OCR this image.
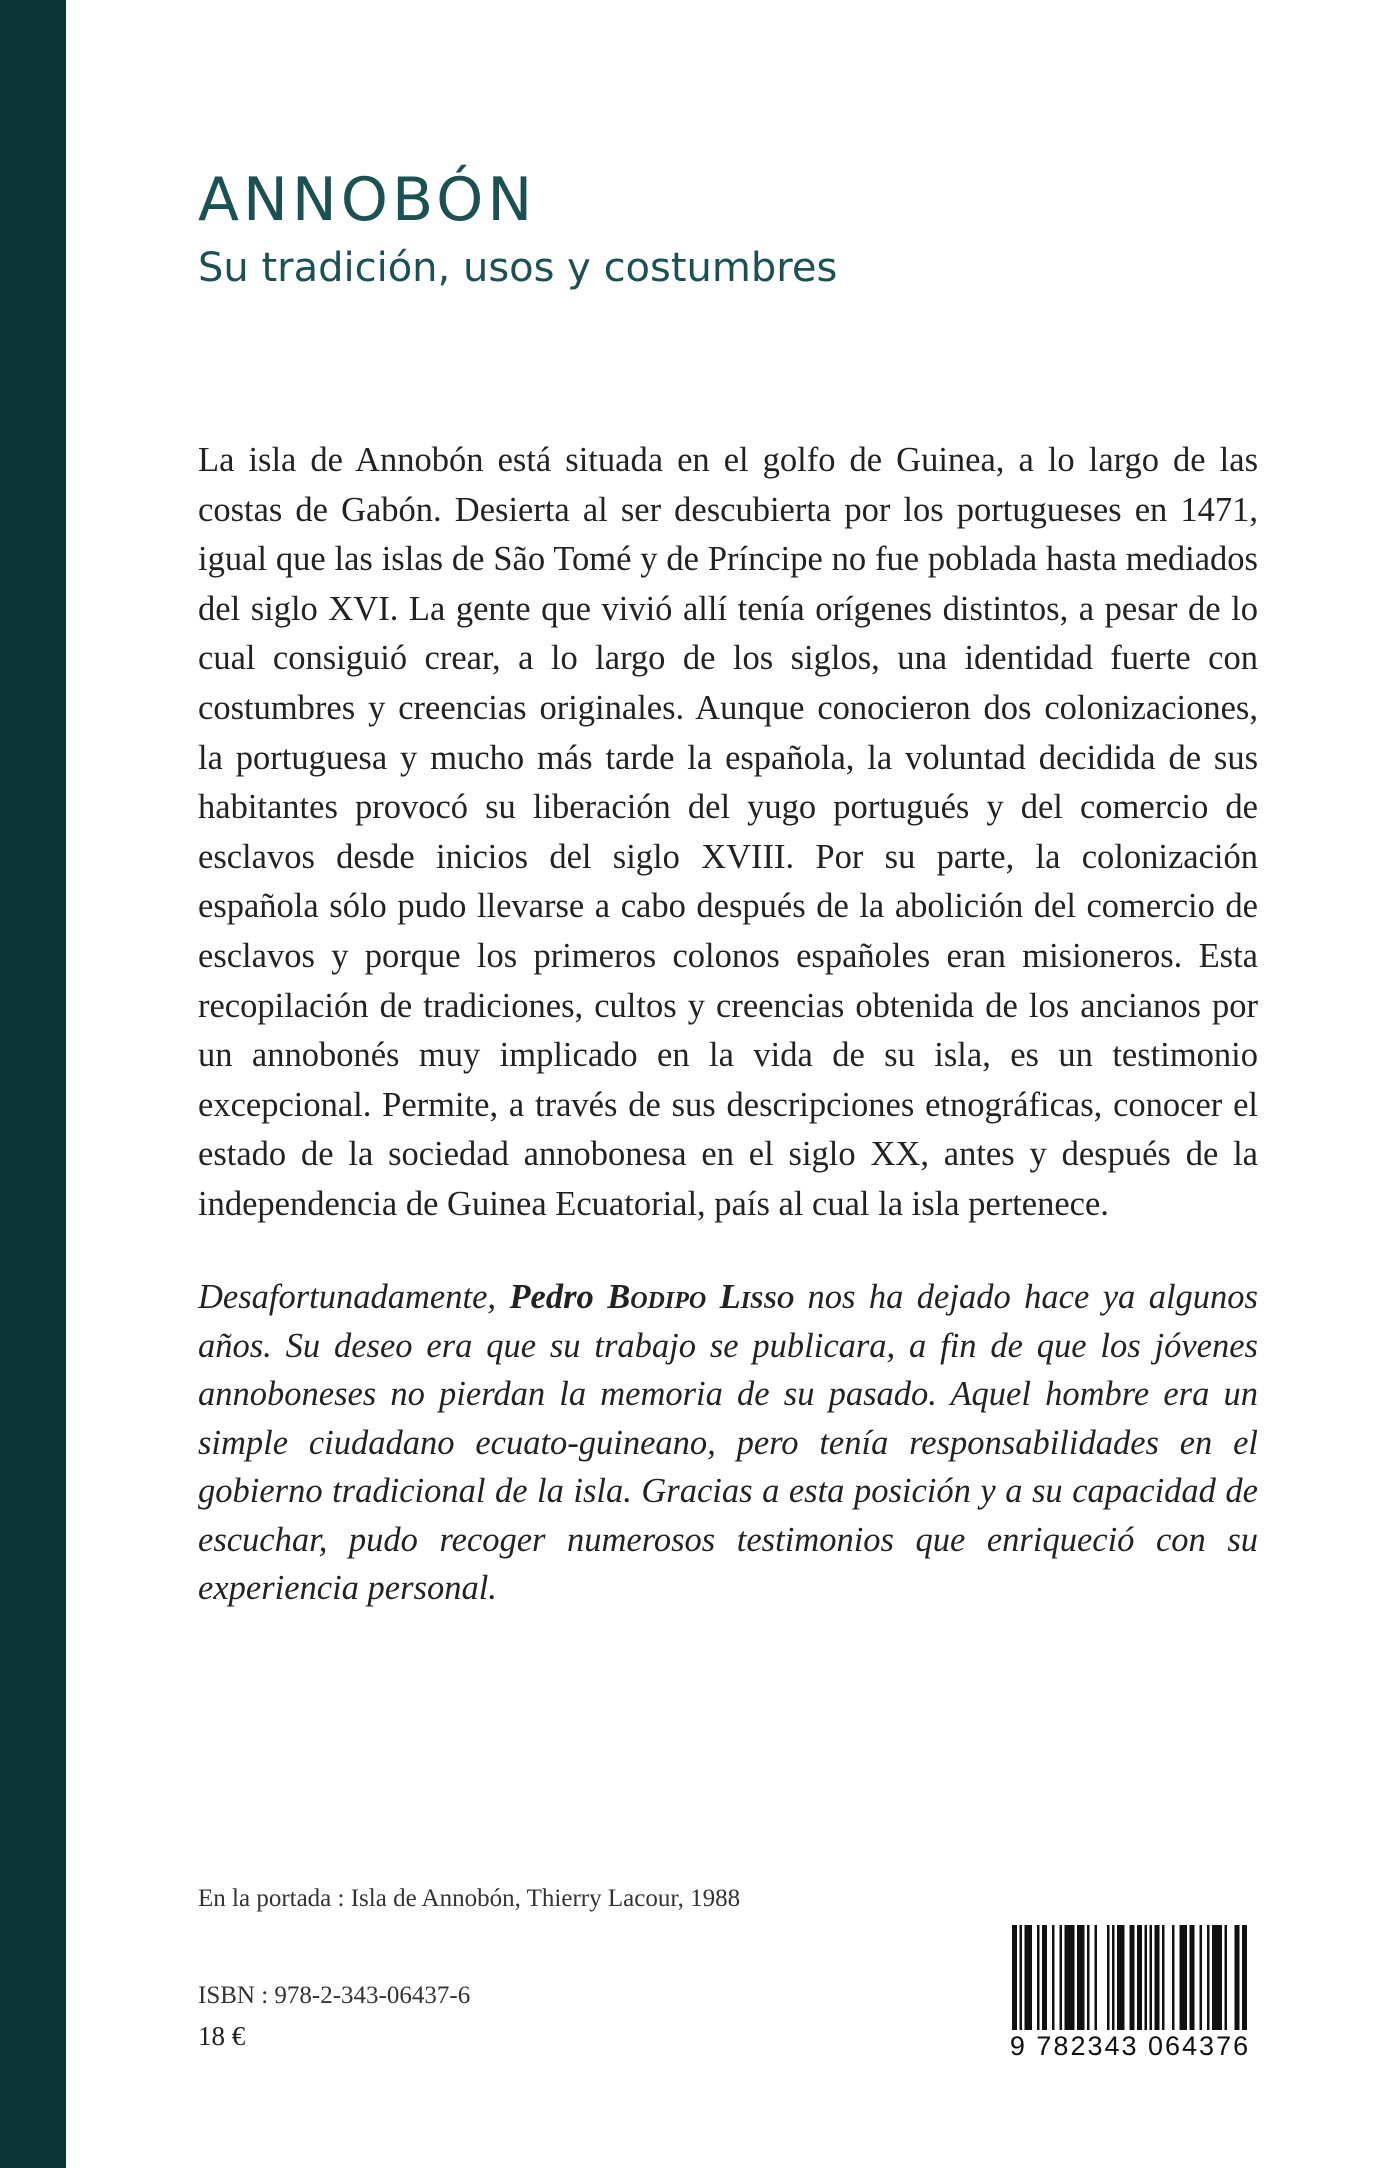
ANNOBÓN
Su tradición, usos y costumbres

La isla de Annobón está situada en el golfo de Guinea, a lo largo de las costas de Gabón. Desierta al ser descubierta por los portugueses en 1471, igual que las islas de São Tomé y de Príncipe no fue poblada hasta mediados del siglo XVI. La gente que vivió allí tenía orígenes distintos, a pesar de lo cual consiguió crear, a lo largo de los siglos, una identidad fuerte con costumbres y creencias originales. Aunque conocieron dos colonizaciones, la portuguesa y mucho más tarde la española, la voluntad decidida de sus habitantes provocó su liberación del yugo portugués y del comercio de esclavos desde inicios del siglo XVIII. Por su parte, la colonización española sólo pudo llevarse a cabo después de la abolición del comercio de esclavos y porque los primeros colonos españoles eran misioneros. Esta recopilación de tradiciones, cultos y creencias obtenida de los ancianos por un annobonés muy implicado en la vida de su isla, es un testimonio excepcional. Permite, a través de sus descripciones etnográficas, conocer el estado de la sociedad annobonesa en el siglo XX, antes y después de la independencia de Guinea Ecuatorial, país al cual la isla pertenece.

Desafortunadamente, Pedro Bodipo Lisso nos ha dejado hace ya algunos años. Su deseo era que su trabajo se publicara, a fin de que los jóvenes annoboneses no pierdan la memoria de su pasado. Aquel hombre era un simple ciudadano ecuato-guineano, pero tenía responsabilidades en el gobierno tradicional de la isla. Gracias a esta posición y a su capacidad de escuchar, pudo recoger numerosos testimonios que enriqueció con su experiencia personal.

En la portada : Isla de Annobón, Thierry Lacour, 1988
ISBN : 978-2-343-06437-6
18 €	9 782343 064376
